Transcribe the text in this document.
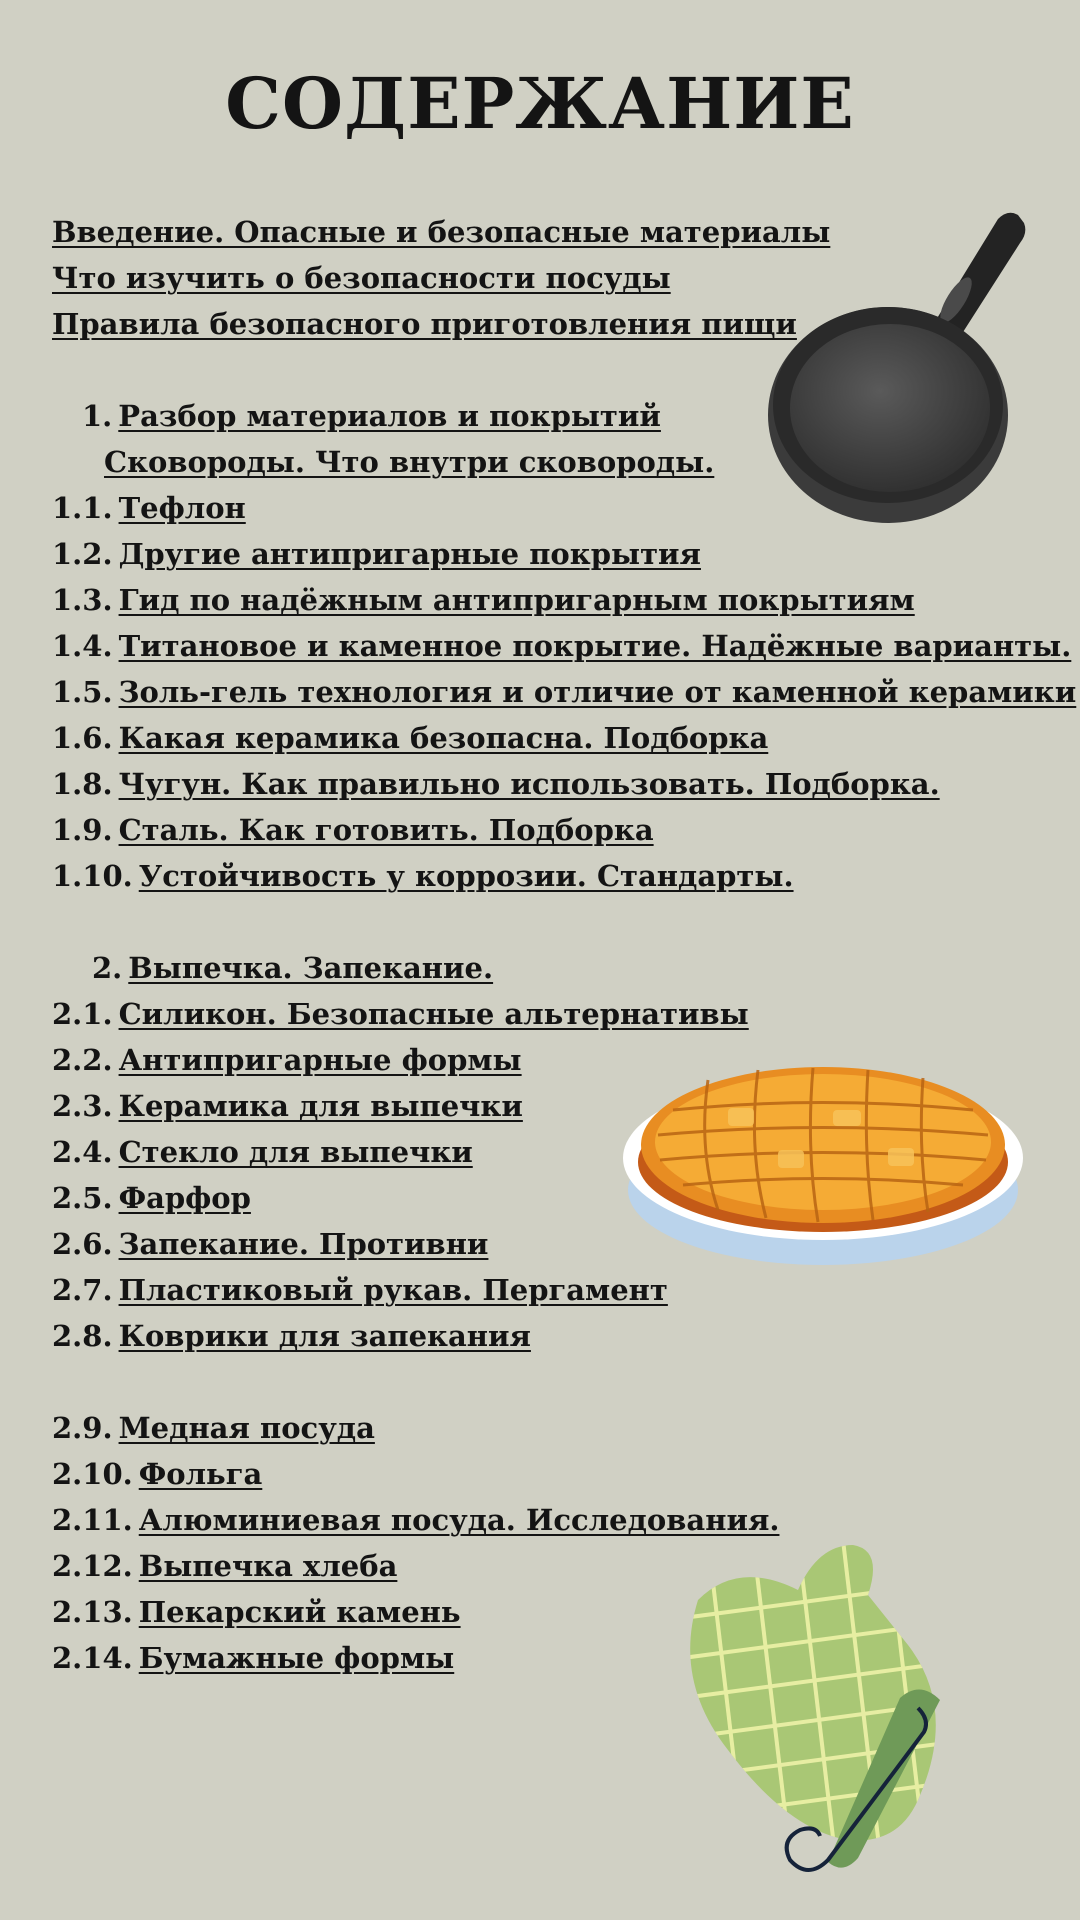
СОДЕРЖАНИЕ
Введение. Опасные и безопасные материалы
Что изучить о безопасности посуды
Правила безопасного приготовления пищи
1. Разбор материалов и покрытий
Сковороды. Что внутри сковороды.
1.1. Тефлон
1.2. Другие антипригарные покрытия
1.3. Гид по надёжным антипригарным покрытиям
1.4. Титановое и каменное покрытие. Надёжные варианты.
1.5. Золь-гель технология и отличие от каменной керамики
1.6. Какая керамика безопасна. Подборка
1.8. Чугун. Как правильно использовать. Подборка.
1.9. Сталь. Как готовить. Подборка
1.10. Устойчивость у коррозии. Стандарты.
2. Выпечка. Запекание.
2.1. Силикон. Безопасные альтернативы
2.2. Антипригарные формы
2.3. Керамика для выпечки
2.4. Стекло для выпечки
2.5. Фарфор
2.6. Запекание. Противни
2.7. Пластиковый рукав. Пергамент
2.8. Коврики для запекания
2.9. Медная посуда
2.10. Фольга
2.11. Алюминиевая посуда. Исследования.
2.12. Выпечка хлеба
2.13. Пекарский камень
2.14. Бумажные формы
